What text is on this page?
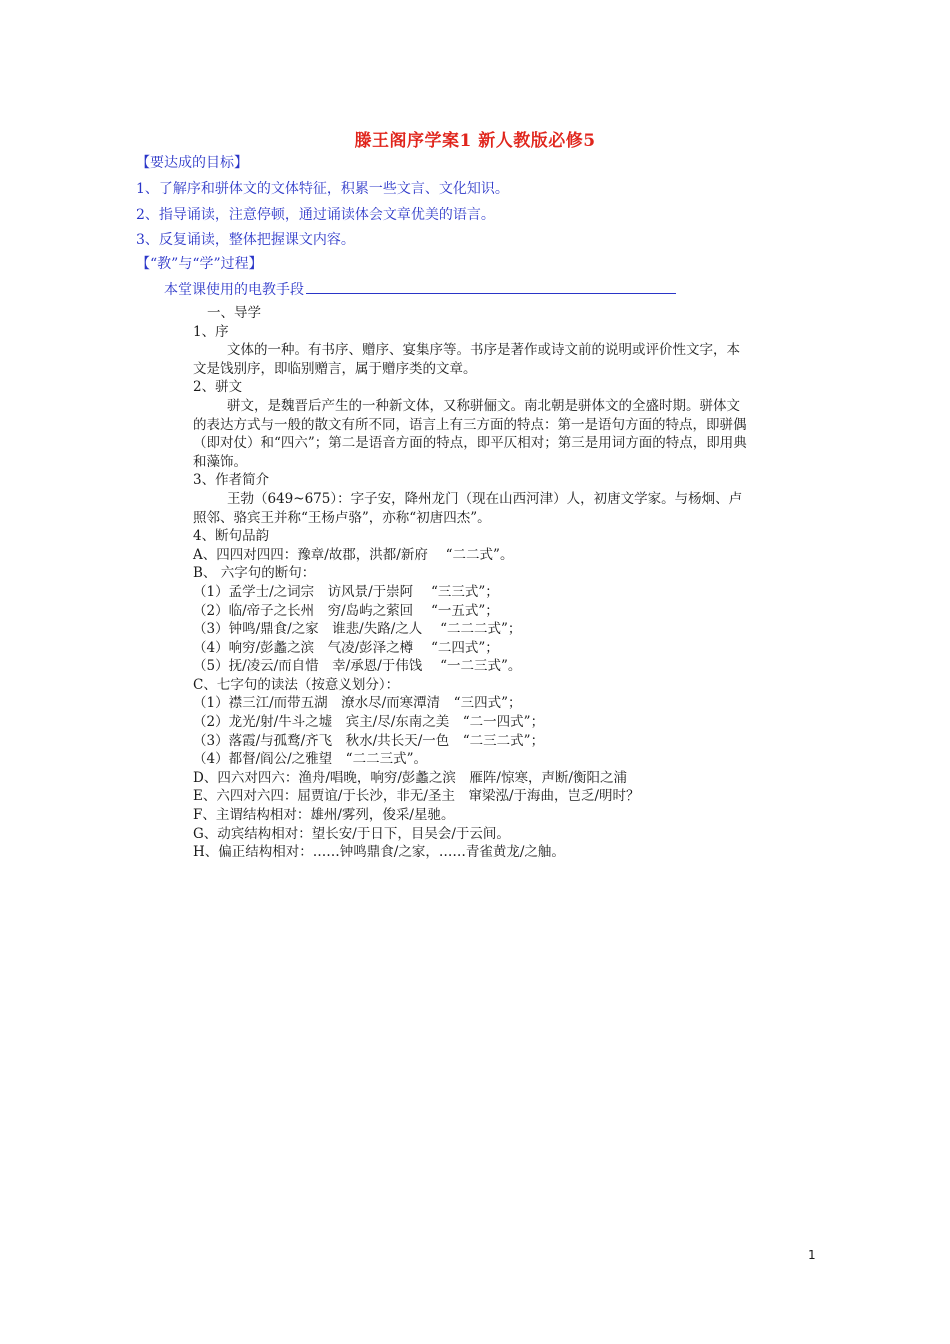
滕王阁序学案1 新人教版必修5
【要达成的目标】
1、了解序和骈体文的文体特征，积累一些文言、文化知识。
2、指导诵读，注意停顿，通过诵读体会文章优美的语言。
3、反复诵读，整体把握课文内容。
【“教”与“学”过程】
本堂课使用的电教手段

一、导学

1、序

文体的一种。有书序、赠序、宴集序等。书序是著作或诗文前的说明或评价性文字，本文是饯别序，即临别赠言，属于赠序类的文章。

2、骈文

骈文，是魏晋后产生的一种新文体，又称骈俪文。南北朝是骈体文的全盛时期。骈体文的表达方式与一般的散文有所不同，语言上有三方面的特点：第一是语句方面的特点，即骈偶（即对仗）和“四六”；第二是语音方面的特点，即平仄相对；第三是用词方面的特点，即用典和藻饰。

3、作者简介

王勃（649~675）：字子安，降州龙门（现在山西河津）人，初唐文学家。与杨炯、卢照邻、骆宾王并称“王杨卢骆”，亦称“初唐四杰”。

4、断句品韵

A、四四对四四：豫章/故郡，洪都/新府　 “二二式”。

B、 六字句的断句：

（1）孟学士/之词宗　访风景/于崇阿　 “三三式”；

（2）临/帝子之长州　穷/岛屿之萦回　 “一五式”；

（3）钟鸣/鼎食/之家　谁悲/失路/之人　 “二二二式”；

（4）响穷/彭蠡之滨　气凌/彭泽之樽　 “二四式”；

（5）抚/凌云/而自惜　幸/承恩/于伟饯　 “一二三式”。

C、七字句的读法（按意义划分）：

（1）襟三江/而带五湖　潦水尽/而寒潭清　“三四式”；

（2）龙光/射/牛斗之墟　宾主/尽/东南之美　“二一四式”；

（3）落霞/与孤鹜/齐飞　秋水/共长天/一色　“二三二式”；

（4）都督/阎公/之雅望　“二二三式”。

D、四六对四六：渔舟/唱晚，响穷/彭蠡之滨　雁阵/惊寒，声断/衡阳之浦

E、六四对六四：屈贾谊/于长沙，非无/圣主　窜梁泓/于海曲，岂乏/明时？

F、主谓结构相对：雄州/雾列，俊采/星驰。

G、动宾结构相对：望长安/于日下，目吴会/于云间。

H、偏正结构相对：……钟鸣鼎食/之家，……青雀黄龙/之舳。

1
